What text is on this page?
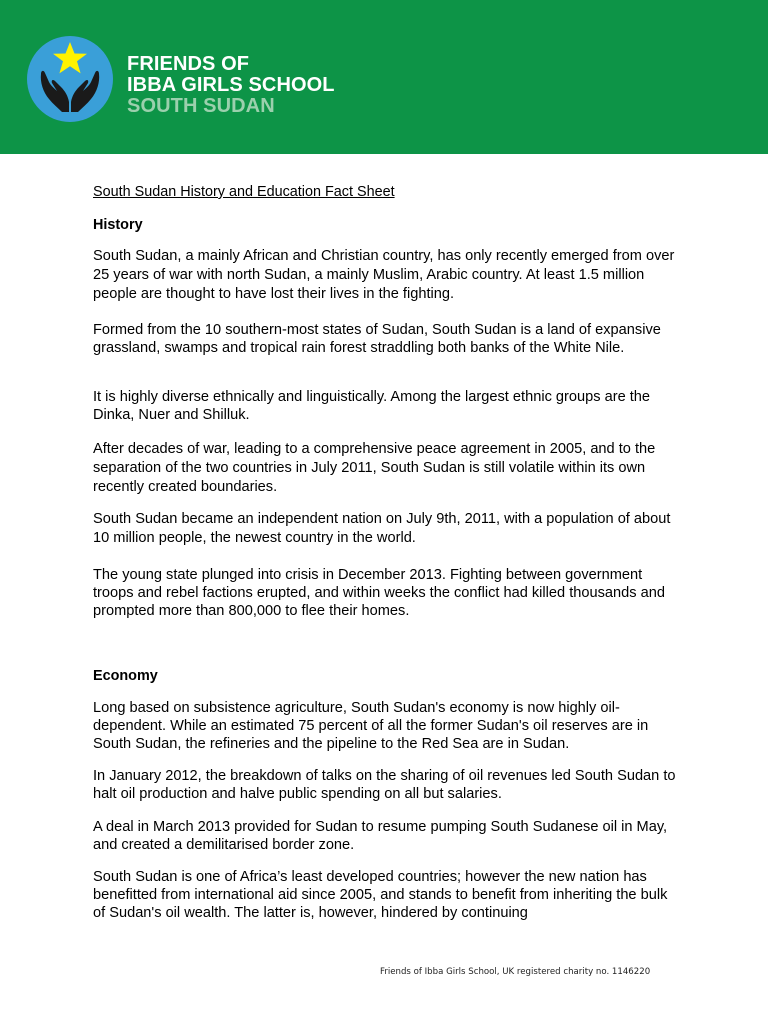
FRIENDS OF
IBBA GIRLS SCHOOL
SOUTH SUDAN

South Sudan History and Education Fact Sheet

History

South Sudan, a mainly African and Christian country, has only recently emerged from over 25 years of war with north Sudan, a mainly Muslim, Arabic country. At least 1.5 million people are thought to have lost their lives in the fighting.

Formed from the 10 southern-most states of Sudan, South Sudan is a land of expansive grassland, swamps and tropical rain forest straddling both banks of the White Nile.

It is highly diverse ethnically and linguistically. Among the largest ethnic groups are the Dinka, Nuer and Shilluk.

After decades of war, leading to a comprehensive peace agreement in 2005, and to the separation of the two countries in July 2011, South Sudan is still volatile within its own recently created boundaries.

South Sudan became an independent nation on July 9th, 2011, with a population of about 10 million people, the newest country in the world.

The young state plunged into crisis in December 2013. Fighting between government troops and rebel factions erupted, and within weeks the conflict had killed thousands and prompted more than 800,000 to flee their homes.

Economy

Long based on subsistence agriculture, South Sudan's economy is now highly oil-dependent. While an estimated 75 percent of all the former Sudan's oil reserves are in South Sudan, the refineries and the pipeline to the Red Sea are in Sudan.

In January 2012, the breakdown of talks on the sharing of oil revenues led South Sudan to halt oil production and halve public spending on all but salaries.

A deal in March 2013 provided for Sudan to resume pumping South Sudanese oil in May, and created a demilitarised border zone.

South Sudan is one of Africa’s least developed countries; however the new nation has benefitted from international aid since 2005, and stands to benefit from inheriting the bulk of Sudan's oil wealth. The latter is, however, hindered by continuing

Friends of Ibba Girls School, UK registered charity no. 1146220
